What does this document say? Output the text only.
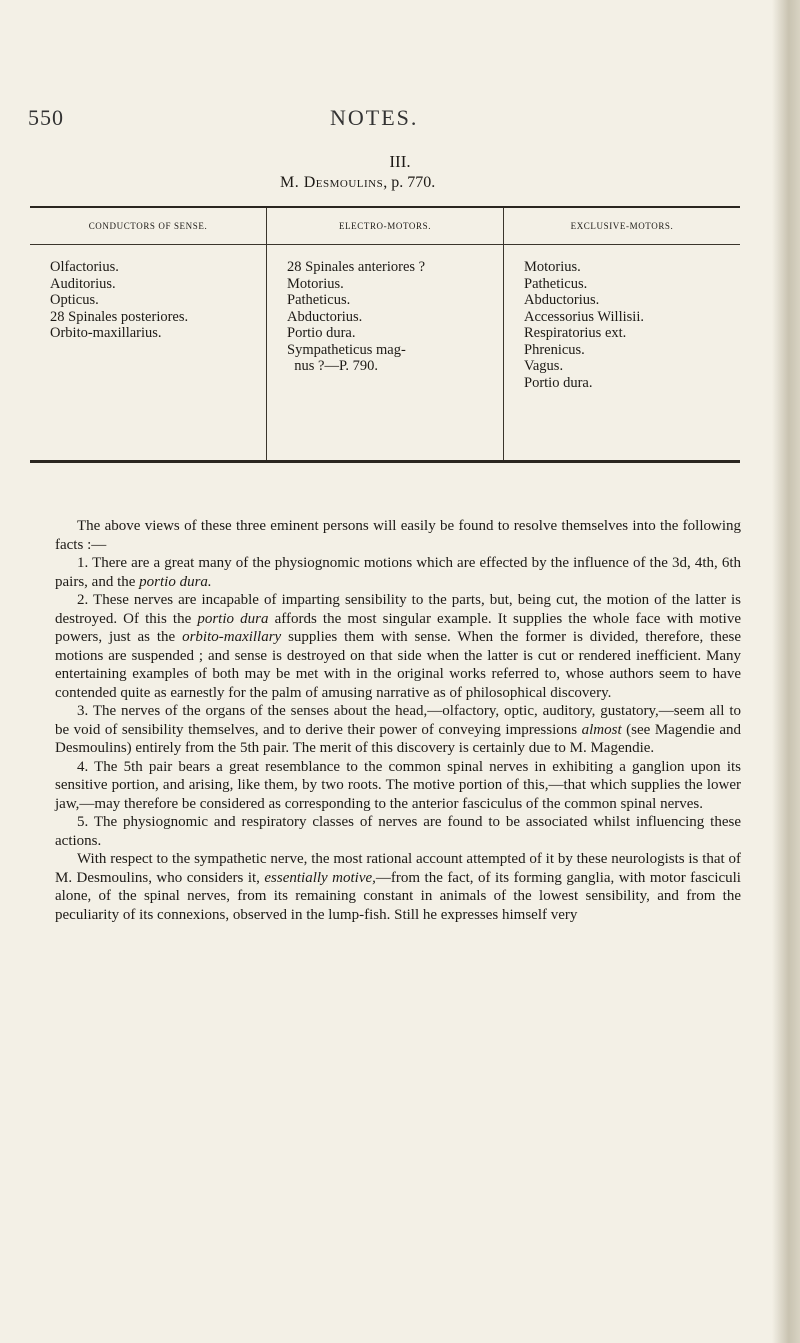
550	NOTES.
III.
M. Desmoulins, p. 770.
CONDUCTORS OF SENSE.
Olfactorius.
Auditorius.
Opticus.
28 Spinales posteriores.
Orbito-maxillarius.
ELECTRO-MOTORS.
28 Spinales anteriores ?
Motorius.
Patheticus.
Abductorius.
Portio dura.
Sympatheticus mag-
nus ?—P. 790.
EXCLUSIVE-MOTORS.
Motorius.
Patheticus.
Abductorius.
Accessorius Willisii.
Respiratorius ext.
Phrenicus.
Vagus.
Portio dura.

The above views of these three eminent persons will easily be found to resolve themselves into the following facts :—

1. There are a great many of the physiognomic motions which are effected by the influence of the 3d, 4th, 6th pairs, and the portio dura.

2. These nerves are incapable of imparting sensibility to the parts, but, being cut, the motion of the latter is destroyed. Of this the portio dura affords the most singular example. It supplies the whole face with motive powers, just as the orbito-maxillary supplies them with sense. When the former is divided, therefore, these motions are suspended ; and sense is destroyed on that side when the latter is cut or rendered inefficient. Many entertaining examples of both may be met with in the original works referred to, whose authors seem to have contended quite as earnestly for the palm of amusing narrative as of philosophical discovery.

3. The nerves of the organs of the senses about the head,—olfactory, optic, auditory, gustatory,—seem all to be void of sensibility themselves, and to derive their power of conveying impressions almost (see Magendie and Desmoulins) entirely from the 5th pair. The merit of this discovery is certainly due to M. Magendie.

4. The 5th pair bears a great resemblance to the common spinal nerves in exhibiting a ganglion upon its sensitive portion, and arising, like them, by two roots. The motive portion of this,—that which supplies the lower jaw,—may therefore be considered as corresponding to the anterior fasciculus of the common spinal nerves.

5. The physiognomic and respiratory classes of nerves are found to be associated whilst influencing these actions.

With respect to the sympathetic nerve, the most rational account attempted of it by these neurologists is that of M. Desmoulins, who considers it, essentially motive,—from the fact, of its forming ganglia, with motor fasciculi alone, of the spinal nerves, from its remaining constant in animals of the lowest sensibility, and from the peculiarity of its connexions, observed in the lump-fish. Still he expresses himself very
